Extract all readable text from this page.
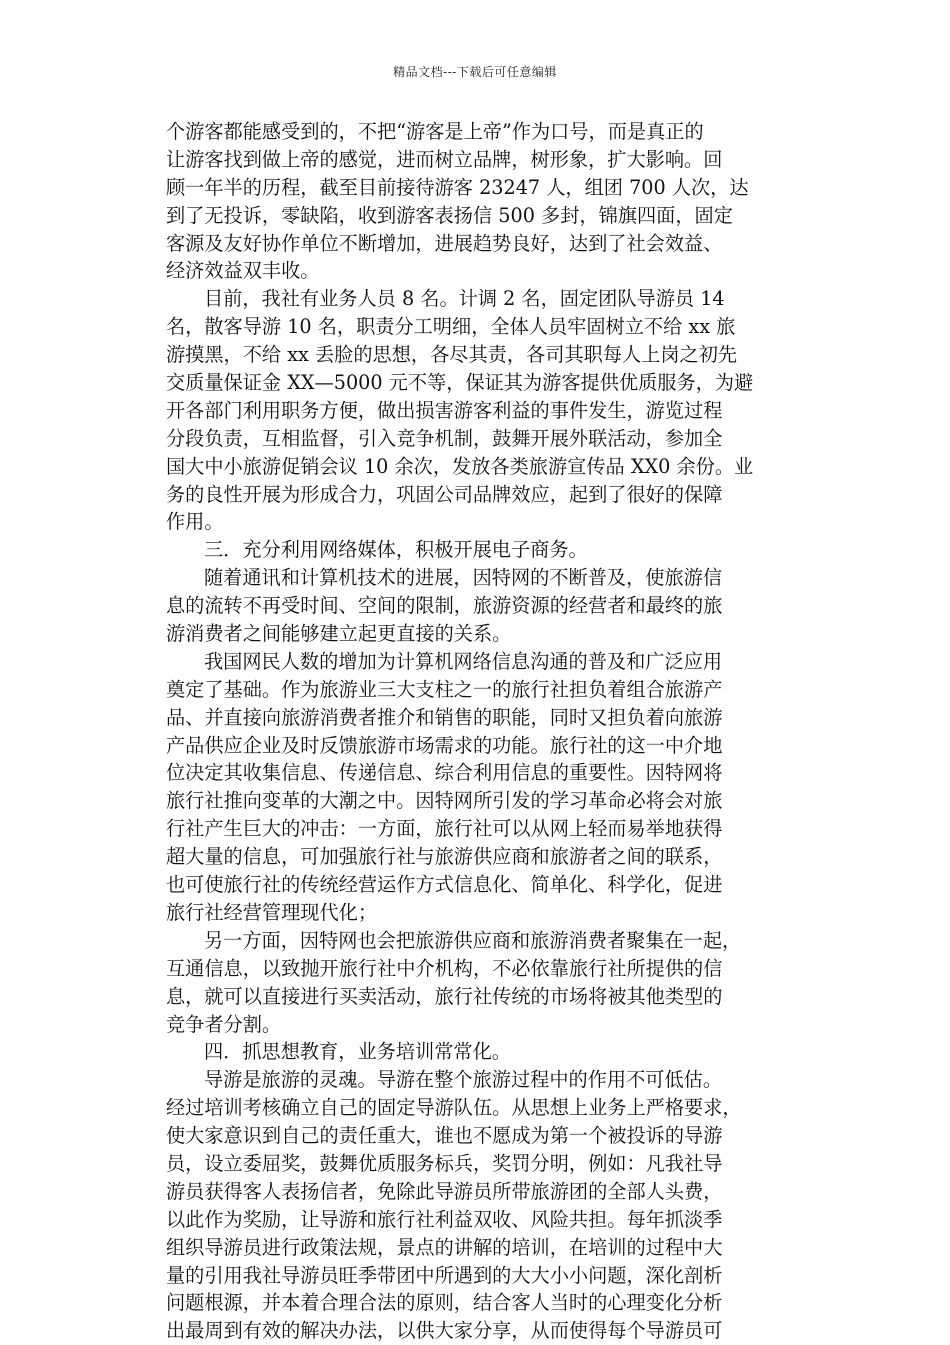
精品文档---下载后可任意编辑
个游客都能感受到的，不把“游客是上帝”作为口号，而是真正的
让游客找到做上帝的感觉，进而树立品牌，树形象，扩大影响。回
顾一年半的历程，截至目前接待游客 23247 人，组团 700 人次，达
到了无投诉，零缺陷，收到游客表扬信 500 多封，锦旗四面，固定
客源及友好协作单位不断增加，进展趋势良好，达到了社会效益、
经济效益双丰收。
目前，我社有业务人员 8 名。计调 2 名，固定团队导游员 14
名，散客导游 10 名，职责分工明细，全体人员牢固树立不给 xx 旅
游摸黑，不给 xx 丢脸的思想，各尽其责，各司其职每人上岗之初先
交质量保证金 XX—5000 元不等，保证其为游客提供优质服务，为避
开各部门利用职务方便，做出损害游客利益的事件发生，游览过程
分段负责，互相监督，引入竞争机制，鼓舞开展外联活动，参加全
国大中小旅游促销会议 10 余次，发放各类旅游宣传品 XX0 余份。业
务的良性开展为形成合力，巩固公司品牌效应，起到了很好的保障
作用。
三．充分利用网络媒体，积极开展电子商务。
随着通讯和计算机技术的进展，因特网的不断普及，使旅游信
息的流转不再受时间、空间的限制，旅游资源的经营者和最终的旅
游消费者之间能够建立起更直接的关系。
我国网民人数的增加为计算机网络信息沟通的普及和广泛应用
奠定了基础。作为旅游业三大支柱之一的旅行社担负着组合旅游产
品、并直接向旅游消费者推介和销售的职能，同时又担负着向旅游
产品供应企业及时反馈旅游市场需求的功能。旅行社的这一中介地
位决定其收集信息、传递信息、综合利用信息的重要性。因特网将
旅行社推向变革的大潮之中。因特网所引发的学习革命必将会对旅
行社产生巨大的冲击：一方面，旅行社可以从网上轻而易举地获得
超大量的信息，可加强旅行社与旅游供应商和旅游者之间的联系，
也可使旅行社的传统经营运作方式信息化、简单化、科学化，促进
旅行社经营管理现代化；
另一方面，因特网也会把旅游供应商和旅游消费者聚集在一起，
互通信息，以致抛开旅行社中介机构，不必依靠旅行社所提供的信
息，就可以直接进行买卖活动，旅行社传统的市场将被其他类型的
竞争者分割。
四．抓思想教育，业务培训常常化。
导游是旅游的灵魂。导游在整个旅游过程中的作用不可低估。
经过培训考核确立自己的固定导游队伍。从思想上业务上严格要求，
使大家意识到自己的责任重大，谁也不愿成为第一个被投诉的导游
员，设立委屈奖，鼓舞优质服务标兵，奖罚分明，例如：凡我社导
游员获得客人表扬信者，免除此导游员所带旅游团的全部人头费，
以此作为奖励，让导游和旅行社利益双收、风险共担。每年抓淡季
组织导游员进行政策法规，景点的讲解的培训，在培训的过程中大
量的引用我社导游员旺季带团中所遇到的大大小小问题，深化剖析
问题根源，并本着合理合法的原则，结合客人当时的心理变化分析
出最周到有效的解决办法，以供大家分享，从而使得每个导游员可
